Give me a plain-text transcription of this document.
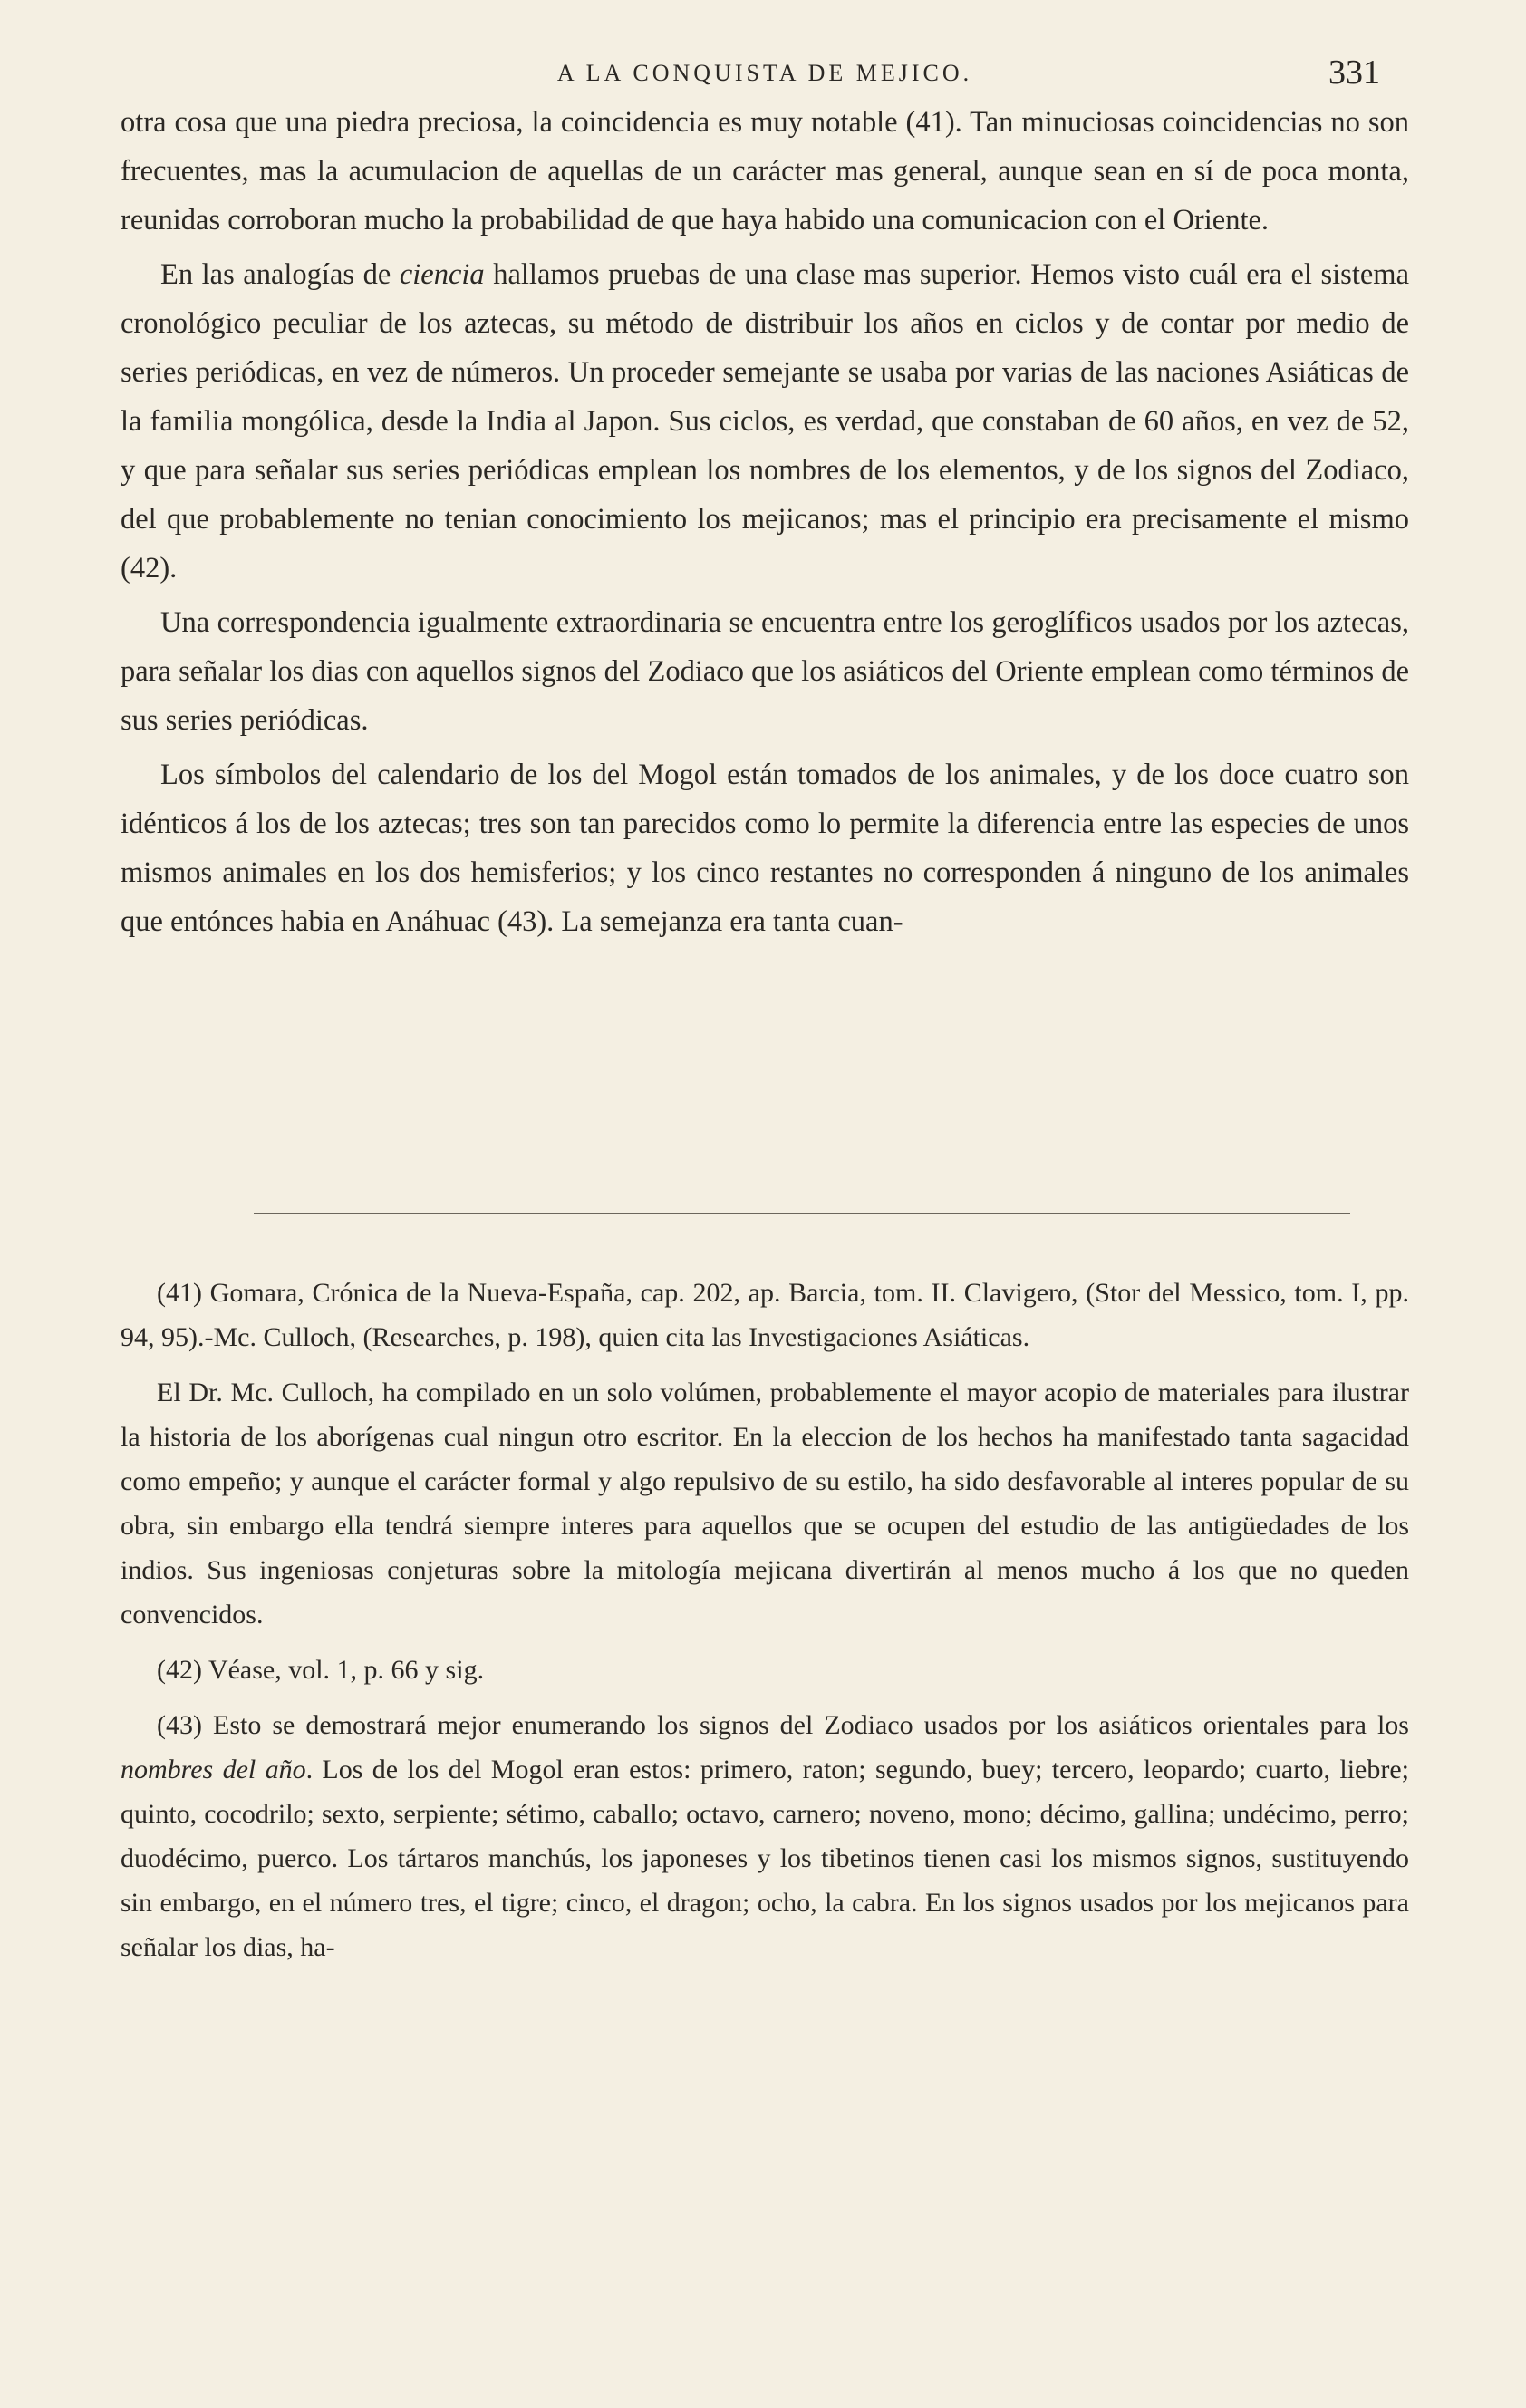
A LA CONQUISTA DE MEJICO.	331

otra cosa que una piedra preciosa, la coincidencia es muy notable (41). Tan minuciosas coincidencias no son frecuentes, mas la acumulacion de aquellas de un carácter mas general, aunque sean en sí de poca monta, reunidas corroboran mucho la probabilidad de que haya habido una comunicacion con el Oriente.

En las analogías de ciencia hallamos pruebas de una clase mas superior. Hemos visto cuál era el sistema cronológico peculiar de los aztecas, su método de distribuir los años en ciclos y de contar por medio de series periódicas, en vez de números. Un proceder semejante se usaba por varias de las naciones Asiáticas de la familia mongólica, desde la India al Japon. Sus ciclos, es verdad, que constaban de 60 años, en vez de 52, y que para señalar sus series periódicas emplean los nombres de los elementos, y de los signos del Zodiaco, del que probablemente no tenian conocimiento los mejicanos; mas el principio era precisamente el mismo (42).

Una correspondencia igualmente extraordinaria se encuentra entre los geroglíficos usados por los aztecas, para señalar los dias con aquellos signos del Zodiaco que los asiáticos del Oriente emplean como términos de sus series periódicas.

Los símbolos del calendario de los del Mogol están tomados de los animales, y de los doce cuatro son idénticos á los de los aztecas; tres son tan parecidos como lo permite la diferencia entre las especies de unos mismos animales en los dos hemisferios; y los cinco restantes no corresponden á ninguno de los animales que entónces habia en Anáhuac (43). La semejanza era tanta cuan-

(41) Gomara, Crónica de la Nueva-España, cap. 202, ap. Barcia, tom. II. Clavigero, (Stor del Messico, tom. I, pp. 94, 95).-Mc. Culloch, (Researches, p. 198), quien cita las Investigaciones Asiáticas.

El Dr. Mc. Culloch, ha compilado en un solo volúmen, probablemente el mayor acopio de materiales para ilustrar la historia de los aborígenas cual ningun otro escritor. En la eleccion de los hechos ha manifestado tanta sagacidad como empeño; y aunque el carácter formal y algo repulsivo de su estilo, ha sido desfavorable al interes popular de su obra, sin embargo ella tendrá siempre interes para aquellos que se ocupen del estudio de las antigüedades de los indios. Sus ingeniosas conjeturas sobre la mitología mejicana divertirán al menos mucho á los que no queden convencidos.

(42) Véase, vol. 1, p. 66 y sig.

(43) Esto se demostrará mejor enumerando los signos del Zodiaco usados por los asiáticos orientales para los nombres del año. Los de los del Mogol eran estos: primero, raton; segundo, buey; tercero, leopardo; cuarto, liebre; quinto, cocodrilo; sexto, serpiente; sétimo, caballo; octavo, carnero; noveno, mono; décimo, gallina; undécimo, perro; duodécimo, puerco. Los tártaros manchús, los japoneses y los tibetinos tienen casi los mismos signos, sustituyendo sin embargo, en el número tres, el tigre; cinco, el dragon; ocho, la cabra. En los signos usados por los mejicanos para señalar los dias, ha-
